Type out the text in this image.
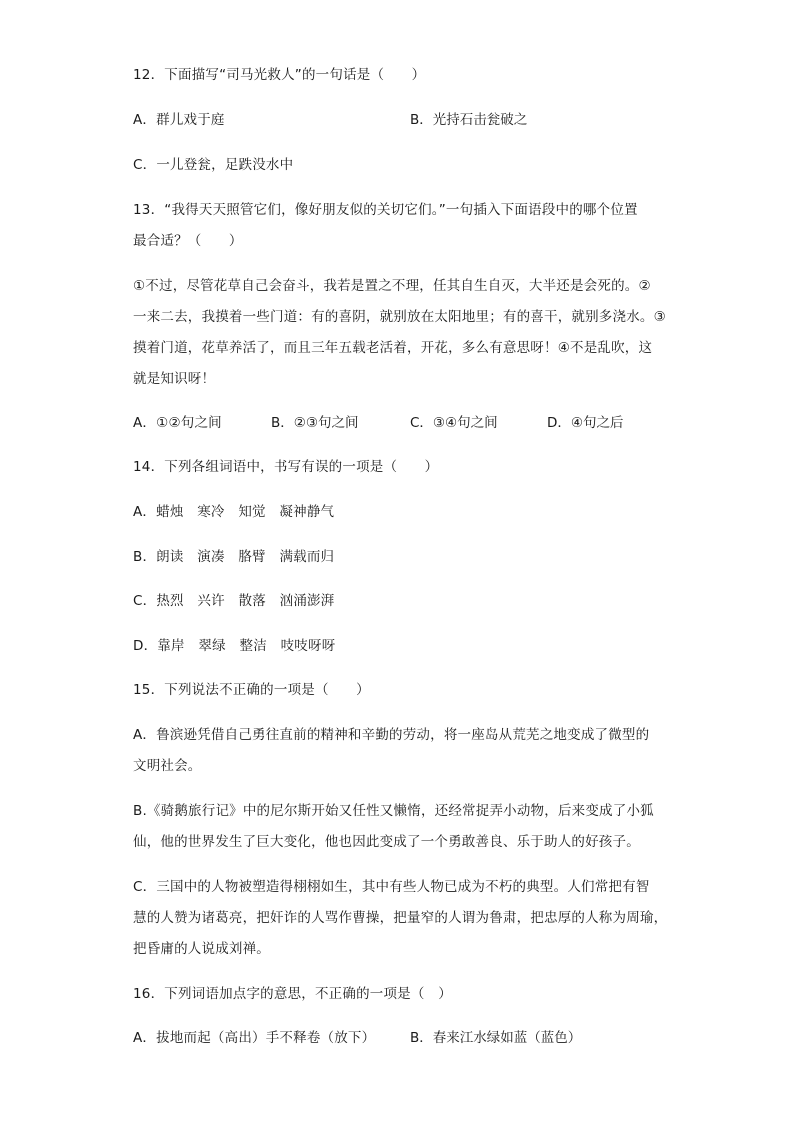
12．下面描写“司马光救人”的一句话是（　　）
A．群儿戏于庭	B．光持石击瓮破之
C．一儿登瓮，足跌没水中
13．“我得天天照管它们，像好朋友似的关切它们。”一句插入下面语段中的哪个位置
最合适？（　　）
①不过，尽管花草自己会奋斗，我若是置之不理，任其自生自灭，大半还是会死的。②
一来二去，我摸着一些门道：有的喜阴，就别放在太阳地里；有的喜干，就别多浇水。③
摸着门道，花草养活了，而且三年五载老活着，开花，多么有意思呀！④不是乱吹，这
就是知识呀！
A．①②句之间	B．②③句之间	C．③④句之间	D．④句之后
14．下列各组词语中，书写有误的一项是（　　）
A．蜡烛　寒冷　知觉　凝神静气
B．朗读　演凑　胳臂　满载而归
C．热烈　兴许　散落　汹涌澎湃
D．靠岸　翠绿　整洁　吱吱呀呀
15．下列说法不正确的一项是（　　）
A．鲁滨逊凭借自己勇往直前的精神和辛勤的劳动，将一座岛从荒芜之地变成了微型的
文明社会。
B.《骑鹅旅行记》中的尼尔斯开始又任性又懒惰，还经常捉弄小动物，后来变成了小狐
仙，他的世界发生了巨大变化，他也因此变成了一个勇敢善良、乐于助人的好孩子。
C．三国中的人物被塑造得栩栩如生，其中有些人物已成为不朽的典型。人们常把有智
慧的人赞为诸葛亮，把奸诈的人骂作曹操，把量窄的人谓为鲁肃，把忠厚的人称为周瑜，
把昏庸的人说成刘禅。
16．下列词语加点字的意思，不正确的一项是（　）
A．拔地而起（高出）手不释卷（放下）	B．春来江水绿如蓝（蓝色）
